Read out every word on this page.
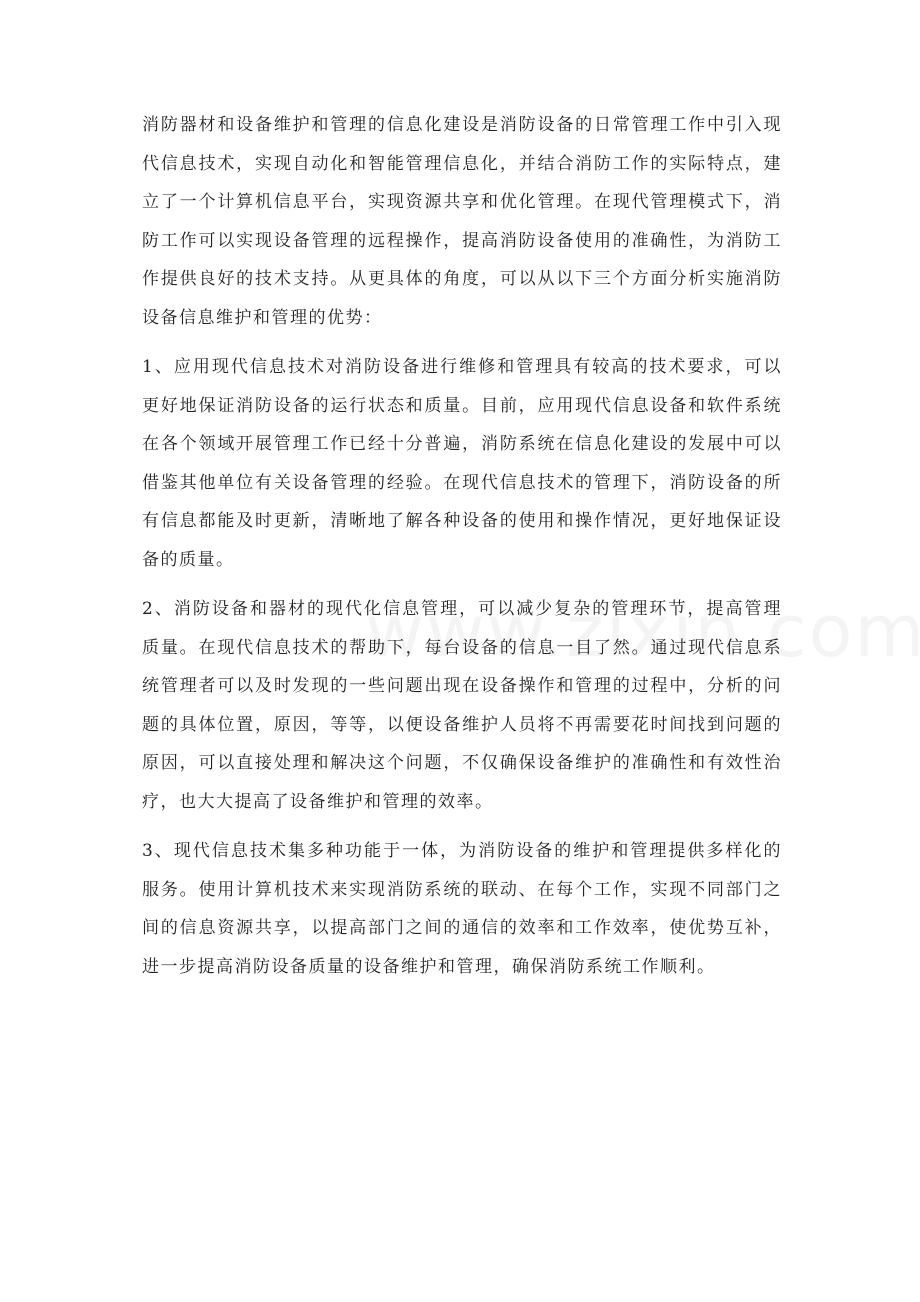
消防器材和设备维护和管理的信息化建设是消防设备的日常管理工作中引入现代信息技术，实现自动化和智能管理信息化，并结合消防工作的实际特点，建立了一个计算机信息平台，实现资源共享和优化管理。在现代管理模式下，消防工作可以实现设备管理的远程操作，提高消防设备使用的准确性，为消防工作提供良好的技术支持。从更具体的角度，可以从以下三个方面分析实施消防设备信息维护和管理的优势：

1、应用现代信息技术对消防设备进行维修和管理具有较高的技术要求，可以更好地保证消防设备的运行状态和质量。目前，应用现代信息设备和软件系统在各个领域开展管理工作已经十分普遍，消防系统在信息化建设的发展中可以借鉴其他单位有关设备管理的经验。在现代信息技术的管理下，消防设备的所有信息都能及时更新，清晰地了解各种设备的使用和操作情况，更好地保证设备的质量。

2、消防设备和器材的现代化信息管理，可以减少复杂的管理环节，提高管理质量。在现代信息技术的帮助下，每台设备的信息一目了然。通过现代信息系统管理者可以及时发现的一些问题出现在设备操作和管理的过程中，分析的问题的具体位置，原因，等等，以便设备维护人员将不再需要花时间找到问题的原因，可以直接处理和解决这个问题，不仅确保设备维护的准确性和有效性治疗，也大大提高了设备维护和管理的效率。

3、现代信息技术集多种功能于一体，为消防设备的维护和管理提供多样化的服务。使用计算机技术来实现消防系统的联动、在每个工作，实现不同部门之间的信息资源共享，以提高部门之间的通信的效率和工作效率，使优势互补，进一步提高消防设备质量的设备维护和管理，确保消防系统工作顺利。
